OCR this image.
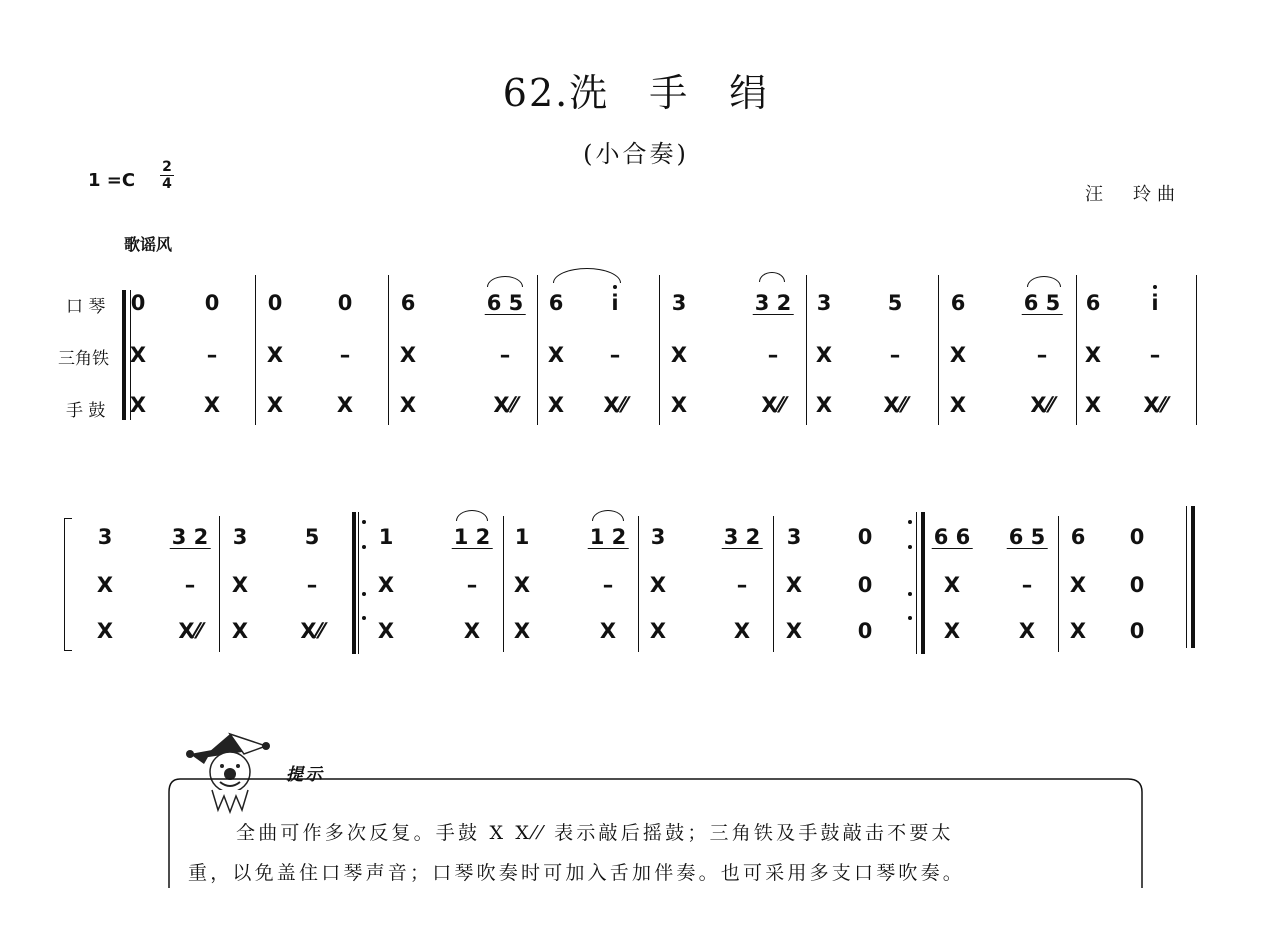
62.洗　手　绢
(小合奏)
1 =C
2
4	汪　玲曲
歌谣风
口 琴
三角铁
手 鼓
0
X
X
0
–
X
0
X
X
0
–
X
6
X
X
6 5
–
X⁄⁄
6
X
X
i
–
X⁄⁄
3
X
X
3 2
–
X⁄⁄
3
X
X
5
–
X⁄⁄
6
X
X
6 5
–
X⁄⁄
6
X
X
i
–
X⁄⁄
3
X
X
3 2
–
X⁄⁄
3
X
X
5
–
X⁄⁄
1
X
X
1 2
–
X
1
X
X
1 2
–
X
3
X
X
3 2
–
X
3
X
X
0
0
0
6 6
X
X
6 5
–
X
6
X
X
0
0
0
提示
全曲可作多次反复。手鼓 X X⁄⁄ 表示敲后摇鼓；三角铁及手鼓敲击不要太
重，以免盖住口琴声音；口琴吹奏时可加入舌加伴奏。也可采用多支口琴吹奏。
